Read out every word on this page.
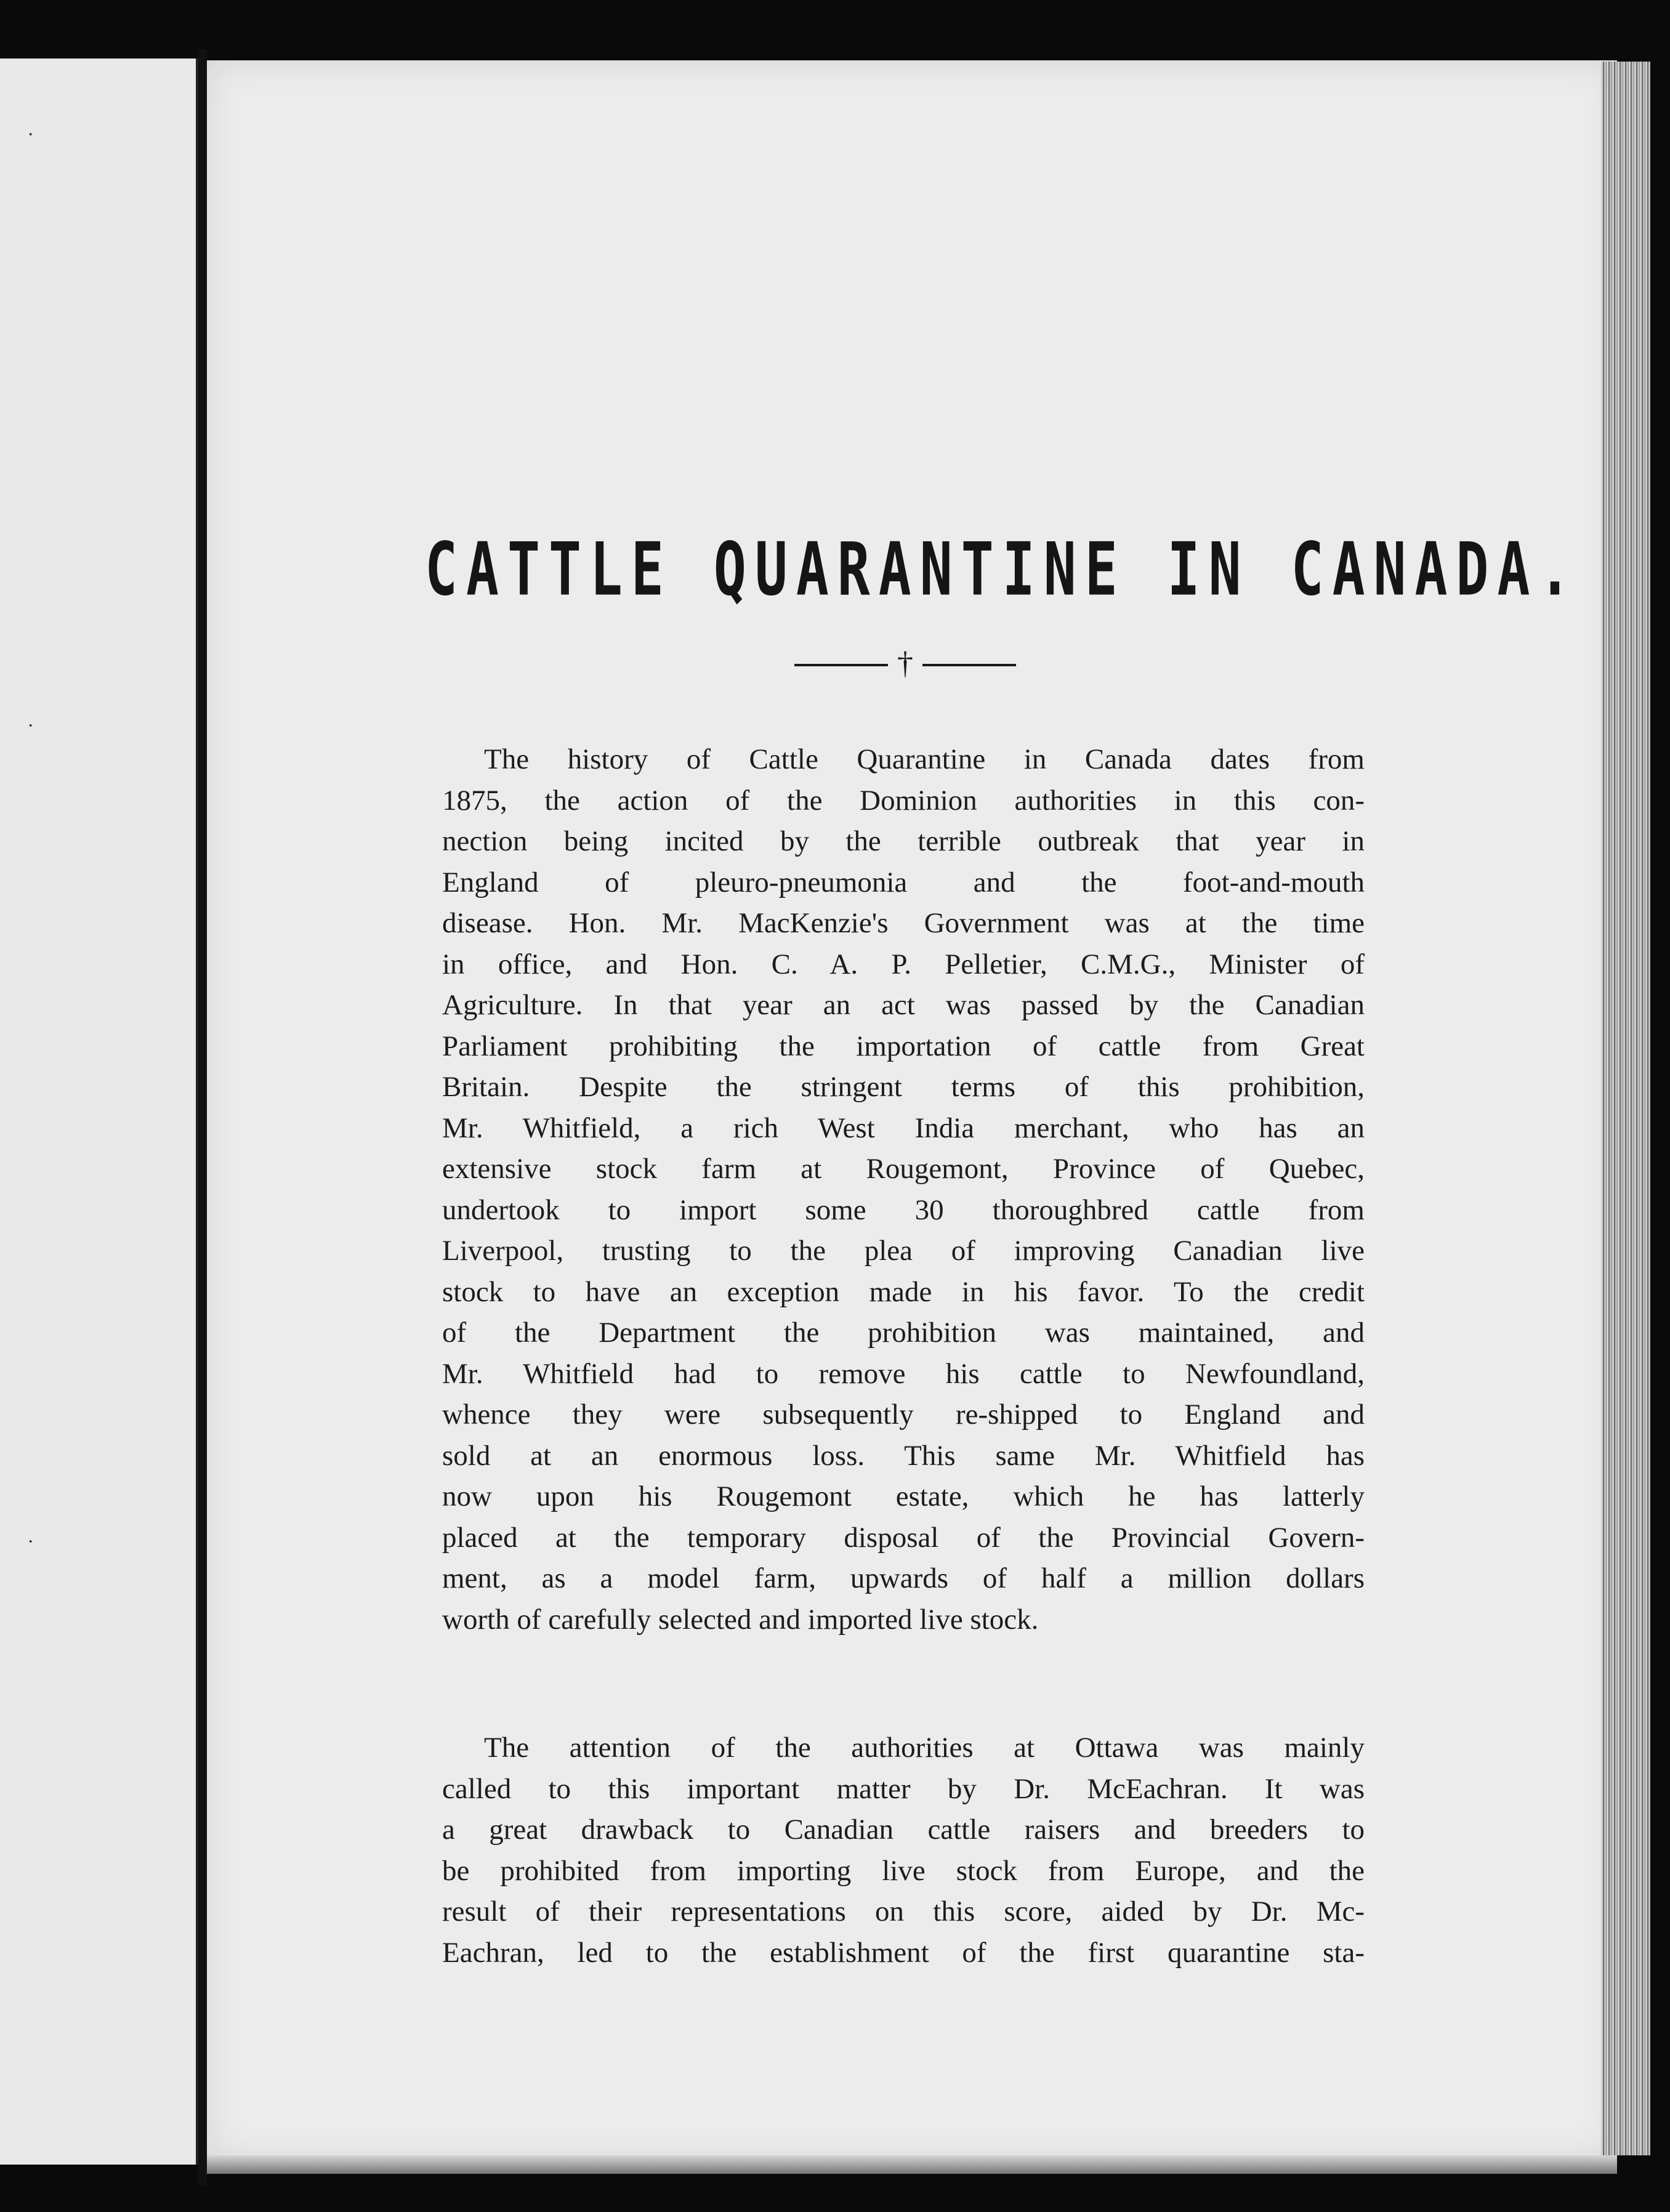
·
·
·
CATTLE QUARANTINE IN CANADA.
†
The history of Cattle Quarantine in Canada dates from
1875, the action of the Dominion authorities in this con-
nection being incited by the terrible outbreak that year in
England of pleuro-pneumonia and the foot-and-mouth
disease. Hon. Mr. MacKenzie's Government was at the time
in office, and Hon. C. A. P. Pelletier, C.M.G., Minister of
Agriculture. In that year an act was passed by the Canadian
Parliament prohibiting the importation of cattle from Great
Britain. Despite the stringent terms of this prohibition,
Mr. Whitfield, a rich West India merchant, who has an
extensive stock farm at Rougemont, Province of Quebec,
undertook to import some 30 thoroughbred cattle from
Liverpool, trusting to the plea of improving Canadian live
stock to have an exception made in his favor. To the credit
of the Department the prohibition was maintained, and
Mr. Whitfield had to remove his cattle to Newfoundland,
whence they were subsequently re-shipped to England and
sold at an enormous loss. This same Mr. Whitfield has
now upon his Rougemont estate, which he has latterly
placed at the temporary disposal of the Provincial Govern-
ment, as a model farm, upwards of half a million dollars
worth of carefully selected and imported live stock.
The attention of the authorities at Ottawa was mainly
called to this important matter by Dr. McEachran. It was
a great drawback to Canadian cattle raisers and breeders to
be prohibited from importing live stock from Europe, and the
result of their representations on this score, aided by Dr. Mc-
Eachran, led to the establishment of the first quarantine sta-
